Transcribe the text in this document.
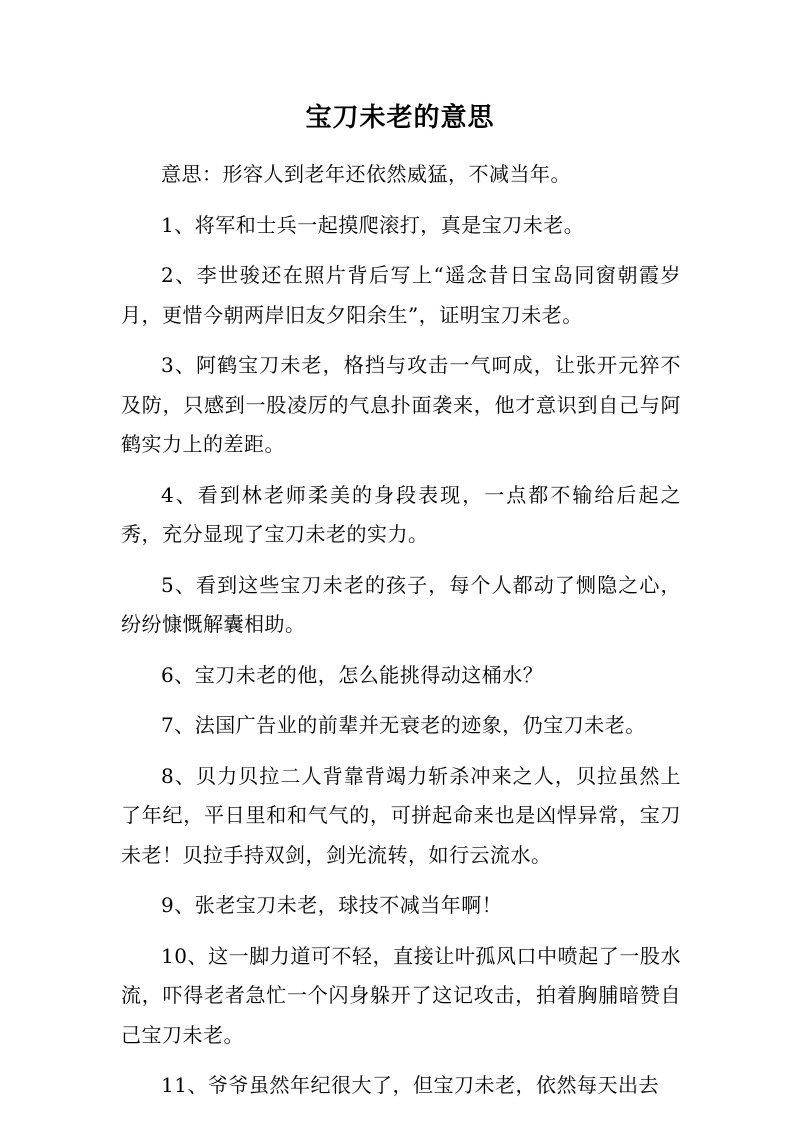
宝刀未老的意思

意思：形容人到老年还依然威猛，不减当年。

1、将军和士兵一起摸爬滚打，真是宝刀未老。

2、李世骏还在照片背后写上“遥念昔日宝岛同窗朝霞岁月，更惜今朝两岸旧友夕阳余生”，证明宝刀未老。

3、阿鹤宝刀未老，格挡与攻击一气呵成，让张开元猝不及防，只感到一股凌厉的气息扑面袭来，他才意识到自己与阿鹤实力上的差距。

4、看到林老师柔美的身段表现，一点都不输给后起之秀，充分显现了宝刀未老的实力。

5、看到这些宝刀未老的孩子，每个人都动了恻隐之心，纷纷慷慨解囊相助。

6、宝刀未老的他，怎么能挑得动这桶水？

7、法国广告业的前辈并无衰老的迹象，仍宝刀未老。

8、贝力贝拉二人背靠背竭力斩杀冲来之人，贝拉虽然上了年纪，平日里和和气气的，可拼起命来也是凶悍异常，宝刀未老！贝拉手持双剑，剑光流转，如行云流水。

9、张老宝刀未老，球技不减当年啊！

10、这一脚力道可不轻，直接让叶孤风口中喷起了一股水流，吓得老者急忙一个闪身躲开了这记攻击，拍着胸脯暗赞自己宝刀未老。

11、爷爷虽然年纪很大了，但宝刀未老，依然每天出去
